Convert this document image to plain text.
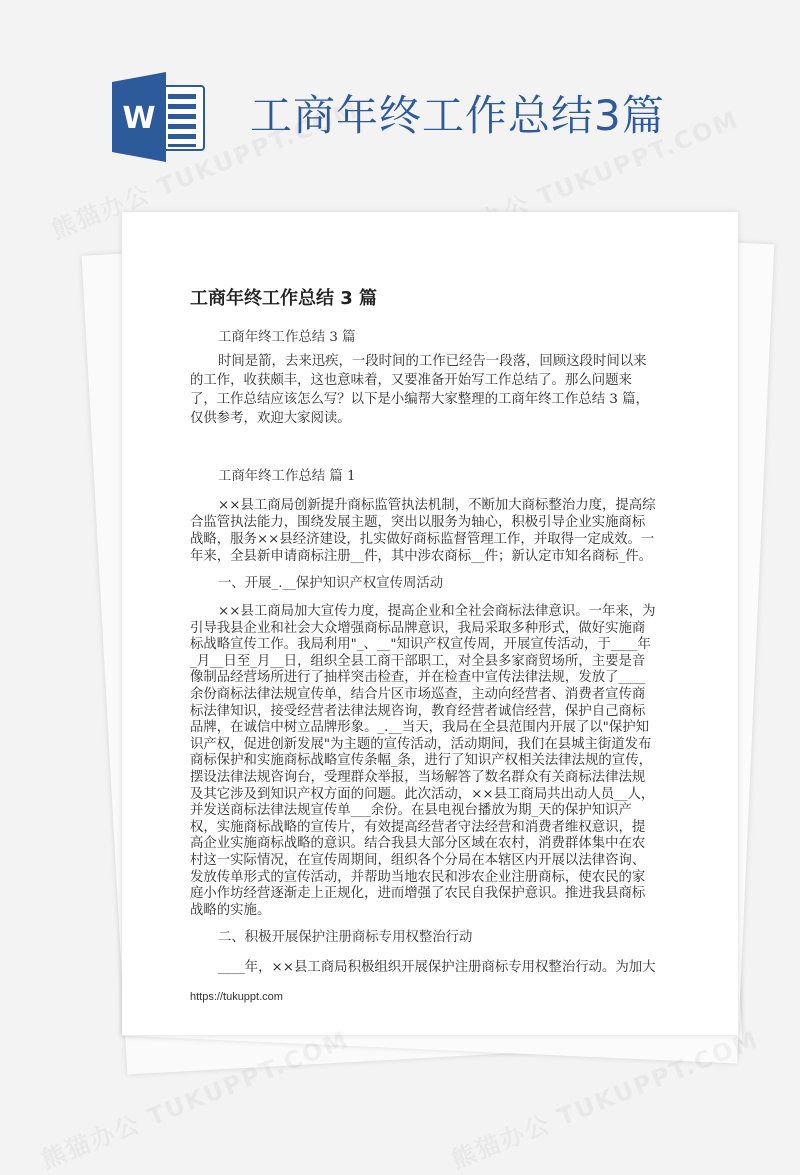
W 工商年终工作总结3篇
工商年终工作总结 3 篇
工商年终工作总结 3 篇
时间是箭，去来迅疾，一段时间的工作已经告一段落，回顾这段时间以来
的工作，收获颇丰，这也意味着，又要准备开始写工作总结了。那么问题来
了，工作总结应该怎么写？以下是小编帮大家整理的工商年终工作总结 3 篇，
仅供参考，欢迎大家阅读。
工商年终工作总结 篇 1
××县工商局创新提升商标监管执法机制，不断加大商标整治力度，提高综
合监管执法能力，围绕发展主题，突出以服务为轴心，积极引导企业实施商标
战略，服务××县经济建设，扎实做好商标监督管理工作，并取得一定成效。一
年来，全县新申请商标注册__件，其中涉农商标__件；新认定市知名商标_件。
一、开展_.__保护知识产权宣传周活动
××县工商局加大宣传力度，提高企业和全社会商标法律意识。一年来，为
引导我县企业和社会大众增强商标品牌意识，我局采取多种形式，做好实施商
标战略宣传工作。我局利用"_、__"知识产权宣传周，开展宣传活动，于____年
_月__日至_月__日，组织全县工商干部职工，对全县多家商贸场所，主要是音
像制品经营场所进行了抽样突击检查，并在检查中宣传法律法规，发放了____
余份商标法律法规宣传单，结合片区市场巡查，主动向经营者、消费者宣传商
标法律知识，接受经营者法律法规咨询，教育经营者诚信经营，保护自己商标
品牌，在诚信中树立品牌形象。_.__当天，我局在全县范围内开展了以"保护知
识产权，促进创新发展"为主题的宣传活动，活动期间，我们在县城主街道发布
商标保护和实施商标战略宣传条幅_条，进行了知识产权相关法律法规的宣传，
摆设法律法规咨询台，受理群众举报，当场解答了数名群众有关商标法律法规
及其它涉及到知识产权方面的问题。此次活动，××县工商局共出动人员__人，
并发送商标法律法规宣传单___余份。在县电视台播放为期_天的保护知识产
权，实施商标战略的宣传片，有效提高经营者守法经营和消费者维权意识，提
高企业实施商标战略的意识。结合我县大部分区域在农村，消费群体集中在农
村这一实际情况，在宣传周期间，组织各个分局在本辖区内开展以法律咨询、
发放传单形式的宣传活动，并帮助当地农民和涉农企业注册商标，使农民的家
庭小作坊经营逐渐走上正规化，进而增强了农民自我保护意识。推进我县商标
战略的实施。
二、积极开展保护注册商标专用权整治行动
____年，××县工商局积极组织开展保护注册商标专用权整治行动。为加大
https://tukuppt.com
